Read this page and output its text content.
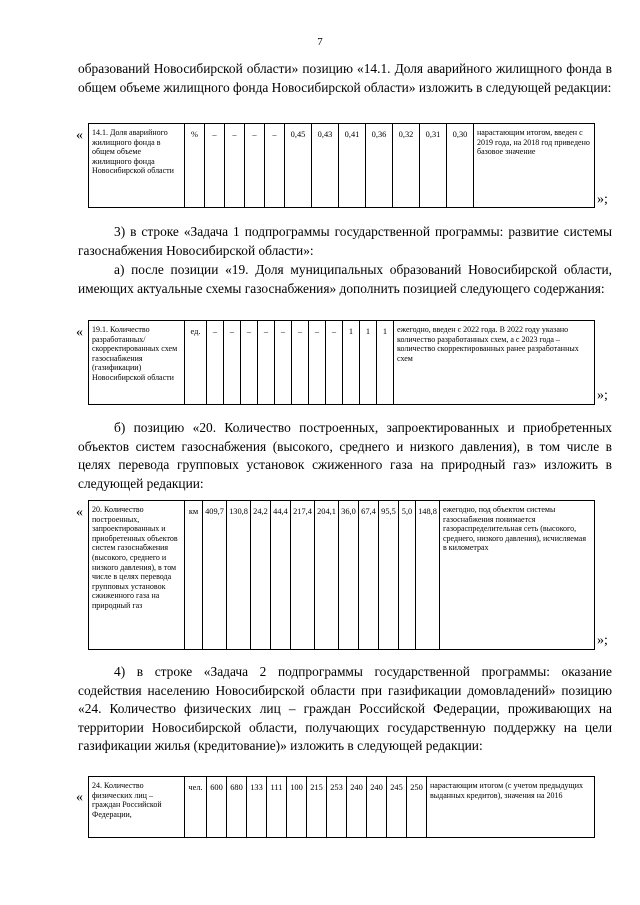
7

образований Новосибирской области» позицию «14.1. Доля аварийного жилищного фонда в общем объеме жилищного фонда Новосибирской области» изложить в следующей редакции:

« 14.1. Доля аварийного жилищного фонда в общем объеме жилищного фонда Новосибирской области	%	–	–	–	–	0,45	0,43	0,41	0,36	0,32	0,31	0,30	нарастающим итогом, введен с 2019 года, на 2018 год приведено базовое значение
»;

3) в строке «Задача 1 подпрограммы государственной программы: развитие системы газоснабжения Новосибирской области»:

а) после позиции «19. Доля муниципальных образований Новосибирской области, имеющих актуальные схемы газоснабжения» дополнить позицией следующего содержания:

« 19.1. Количество разработанных/ скорректированных схем газоснабжения (газификации) Новосибирской области	ед.	–	–	–	–	–	–	–	–	1	1	1	ежегодно, введен с 2022 года. В 2022 году указано количество разработанных схем, а с 2023 года – количество скорректированных ранее разработанных схем
»;

б) позицию «20. Количество построенных, запроектированных и приобретенных объектов систем газоснабжения (высокого, среднего и низкого давления), в том числе в целях перевода групповых установок сжиженного газа на природный газ» изложить в следующей редакции:

« 20. Количество построенных, запроектированных и приобретенных объектов систем газоснабжения (высокого, среднего и низкого давления), в том числе в целях перевода групповых установок сжиженного газа на природный газ	км	409,7	130,8	24,2	44,4	217,4	204,1	36,0	67,4	95,5	5,0	148,8	ежегодно, под объектом системы газоснабжения понимается газораспределительная сеть (высокого, среднего, низкого давления), исчисляемая в километрах
»;

4) в строке «Задача 2 подпрограммы государственной программы: оказание содействия населению Новосибирской области при газификации домовладений» позицию «24. Количество физических лиц – граждан Российской Федерации, проживающих на территории Новосибирской области, получающих государственную поддержку на цели газификации жилья (кредитование)» изложить в следующей редакции:

«
24. Количество физических лиц – граждан Российской Федерации,	чел.	600	680	133	111	100	215	253	240	240	245	250	нарастающим итогом (с учетом предыдущих выданных кредитов), значения на 2016
